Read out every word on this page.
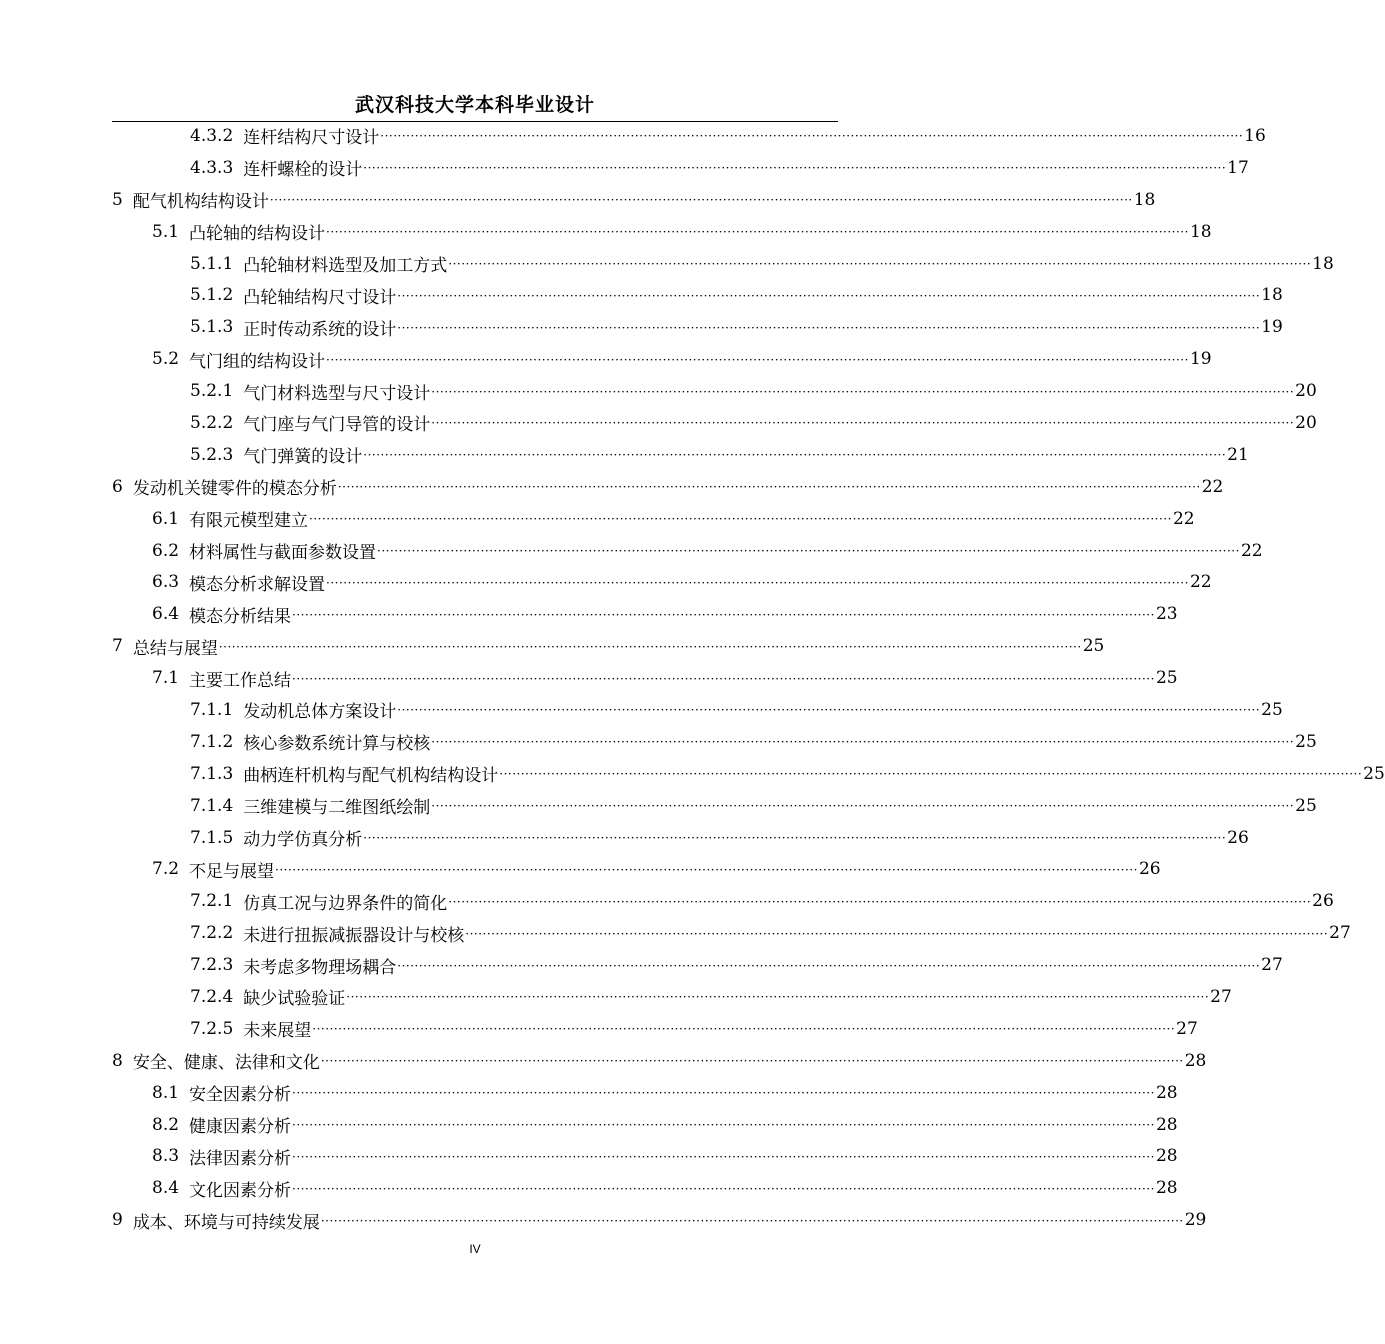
武汉科技大学本科毕业设计
4.3.2 连杆结构尺寸设计 ········································································································································································································ 16
4.3.3 连杆螺栓的设计 ········································································································································································································ 17
5 配气机构结构设计 ········································································································································································································ 18
5.1 凸轮轴的结构设计 ········································································································································································································ 18
5.1.1 凸轮轴材料选型及加工方式 ········································································································································································································ 18
5.1.2 凸轮轴结构尺寸设计 ········································································································································································································ 18
5.1.3 正时传动系统的设计 ········································································································································································································ 19
5.2 气门组的结构设计 ········································································································································································································ 19
5.2.1 气门材料选型与尺寸设计 ········································································································································································································ 20
5.2.2 气门座与气门导管的设计 ········································································································································································································ 20
5.2.3 气门弹簧的设计 ········································································································································································································ 21
6 发动机关键零件的模态分析 ········································································································································································································ 22
6.1 有限元模型建立 ········································································································································································································ 22
6.2 材料属性与截面参数设置 ········································································································································································································ 22
6.3 模态分析求解设置 ········································································································································································································ 22
6.4 模态分析结果 ········································································································································································································ 23
7 总结与展望 ········································································································································································································ 25
7.1 主要工作总结 ········································································································································································································ 25
7.1.1 发动机总体方案设计 ········································································································································································································ 25
7.1.2 核心参数系统计算与校核 ········································································································································································································ 25
7.1.3 曲柄连杆机构与配气机构结构设计 ········································································································································································································ 25
7.1.4 三维建模与二维图纸绘制 ········································································································································································································ 25
7.1.5 动力学仿真分析 ········································································································································································································ 26
7.2 不足与展望 ········································································································································································································ 26
7.2.1 仿真工况与边界条件的简化 ········································································································································································································ 26
7.2.2 未进行扭振减振器设计与校核 ········································································································································································································ 27
7.2.3 未考虑多物理场耦合 ········································································································································································································ 27
7.2.4 缺少试验验证 ········································································································································································································ 27
7.2.5 未来展望 ········································································································································································································ 27
8 安全、健康、法律和文化 ········································································································································································································ 28
8.1 安全因素分析 ········································································································································································································ 28
8.2 健康因素分析 ········································································································································································································ 28
8.3 法律因素分析 ········································································································································································································ 28
8.4 文化因素分析 ········································································································································································································ 28
9 成本、环境与可持续发展 ········································································································································································································ 29
IV
